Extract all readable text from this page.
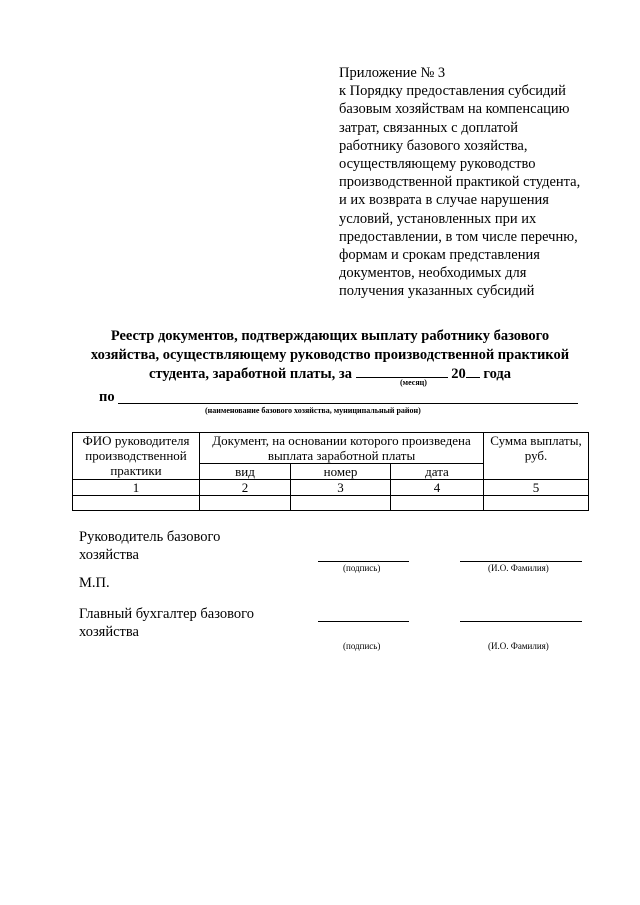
Приложение № 3
к Порядку предоставления субсидий
базовым хозяйствам на компенсацию
затрат, связанных с доплатой
работнику базового хозяйства,
осуществляющему руководство
производственной практикой студента,
и их возврата в случае нарушения
условий, установленных при их
предоставлении, в том числе перечню,
формам и срокам представления
документов, необходимых для
получения указанных субсидий
Реестр документов, подтверждающих выплату работнику базового
хозяйства, осуществляющему руководство производственной практикой
студента, заработной платы, за	20 года
(месяц)
по
(наименование базового хозяйства, муниципальный район)
ФИО руководителя производственной практики	Документ, на основании которого произведена выплата заработной платы			Сумма выплаты, руб.
	вид	номер	дата	
1	2	3	4	5

Руководитель базового
хозяйства
(подпись)	(И.О. Фамилия)
М.П.
Главный бухгалтер базового
хозяйства
(подпись)	(И.О. Фамилия)
